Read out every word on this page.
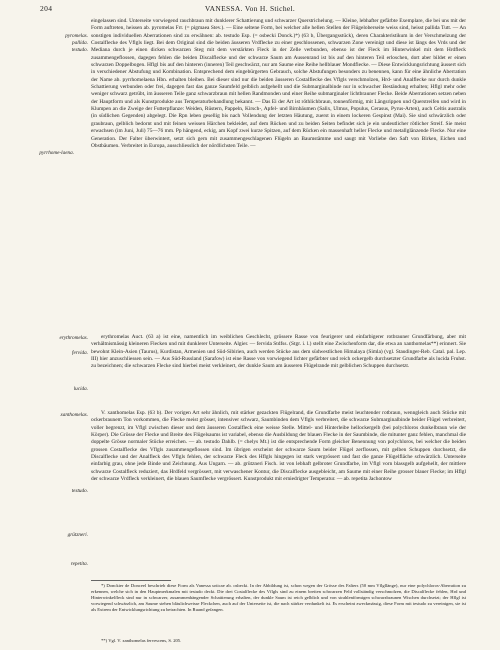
204	VANESSA. Von H. Stichel.
pyromelas.
pallida.
testudo.
pyrrhome-laena.
erythromelas.
fervida.
lucida.
xanthomelas.
testudo.
grützneri.
repetita.

eingelassen sind. Unterseite vorwiegend rauchbraun mit dunklerer Schattierung und schwarzer Querstrichelung. — Kleine, lebhafter gefärbte Exemplare, die bei uns mit der Form auftreten, heissen ab. pyromelas Frr. (= pigmaea Stev.). — Eine seltene Form, bei welcher alle hellen Stellen der Flügeloberseite weiss sind, heisst pallida Tutt. — An sonstigen individuellen Aberrationen sind zu erwähnen: ab. testudo Esp. (= osbecki Donck.)*) (63 b, Übergangsstück), deren Charakteristikum in der Verschmelzung der Costalflecke des Vflgls liegt. Bei dem Original sind die beiden äusseren Vrdflecke zu einer geschlossenen, schwarzen Zone vereinigt und diese ist längs des Vrds und der Mediana durch je einen dicken schwarzen Steg mit dem verstärkten Fleck in der Zelle verbunden, ebenso ist der Fleck im Hinterwinkel mit dem Hrdfleck zusammengeflossen, dagegen fehlen die beiden Discalflecke und der schwarze Saum am Aussenrand ist bis auf den hinteren Teil erloschen, dort aber bildet er einen schwarzen Doppelbogen. Hflgl bis auf den hinteren (inneren) Teil geschwärzt, nur am Saume eine Reihe hellblauer Mondflecke. — Diese Entwicklungsrichtung äussert sich in verschiedener Abstufung und Kombination. Entsprechend dem eingebürgerten Gebrauch, solche Abstufungen besonders zu benennen, kann für eine ähnliche Aberration der Name ab. pyrrhomelaena Hbn. erhalten bleiben. Bei dieser sind nur die beiden äusseren Costalflecke des Vflgls verschmolzen, Hrd- und Analflecke nur durch dunkle Schattierung verbunden oder frei, dagegen fast das ganze Saumfeld gelblich aufgehellt und die Submarginalbinde nur in schwacher Beständung erhalten; Hflgl mehr oder weniger schwarz getrübt, im äusseren Teile ganz schwarzbraun mit hellen Randmonden und einer Reihe submarginaler lichtbrauner Flecke. Beide Aberrationen setzen neben der Hauptform und als Kunstprodukte aus Temperaturbehandlung bekannt. — Das Ei der Art ist röthlichbraun, tonnenförmig, mit Längsrippen und Querstreifen und wird in Klumpen an die Zweige der Futterpflanze: Weiden, Rüstern, Pappeln, Kirsch-, Apfel- und Birnbäumen (Salix, Ulmus, Populus, Cerasus, Pyrus-Arten), auch Celtis australis (in südlichen Gegenden) abgelegt. Die Rpn leben gesellig bis nach Vollendung der letzten Häutung, zuerst in einem lockeren Gespinst (Mai). Sie sind schwärzlich oder graubraun, gelblich bedornt und mit feinen weissen Härchen bekleidet, auf dem Rücken und zu beiden Seiten befindet sich je ein undeutlicher rötlicher Streif. Sie meist erwachsen (im Juni, Juli) 75—76 mm. Pp hängend, eckig, am Kopf zwei kurze Spitzen, auf dem Rücken ein massenhaft heller Flecke und metallglänzende Flecke. Nur eine Generation. Der Falter überwintert, setzt sich gern mit zusammengeschlagenen Flügeln an Baumstämme und saugt mit Vorliebe den Saft von Birken, Eichen und Obstbäumen. Verbreitet in Europa, ausschliesslich der nördlichsten Teile. —

erythromelas Auct. (63 a) ist eine, namentlich im weiblichen Geschlecht, grössere Rasse von feurigerer und einfarbigerer rotbrauner Grundfärbung, aber mit verhältnismässig kleineren Flecken und mit dunklerer Unterseite. Algier. — fervida Stdfss. (Stgr. i. l.) stellt eine Zwischenform dar, die etwa an xanthomelas**) erinnert. Sie bewohnt Klein-Asien (Taurus), Kurdistan, Armenien und Süd-Sibirien, auch werden Stücke aus dem südwestlichen Himalaya (Simla) (vgl. Staudinger-Reb. Catal. pal. Lep. III) hier anzuschliessen sein. — Aus Süd-Russland (Sarafow) ist eine Rasse von vorwiegend lichter gefärbter und reich ockergelb durchsetzter Grundfarbe als lucida Fruhst. zu bezeichnen; die schwarzen Flecke sind hierbei meist verkleinert, der dunkle Saum am äusseren Flügelrande mit gelblichen Schuppen durchsetzt.

V. xanthomelas Esp. (63 b). Der vorigen Art sehr ähnlich, mit stärker gezackten Flügelrand, die Grundfarbe meist leuchtender rotbraun, wenngleich auch Stücke mit ockerbraunem Ton vorkommen, die Flecke meist grösser, intensiver schwarz, Saumbinden dem Vflgls verbreitert, die schwarze Submarginalbinde beider Flügel verbreitert, voller begrenzt, im Vflgl zwischen dieser und dem äusseren Costalfleck eine weisse Stelle. Mittel- und Hinterleibe hellockergelb (bei polychloros dunkelbraun wie der Körper). Die Grösse der Flecke und Breite des Flügelsaums ist variabel, ebenso die Ausbildung der blauen Flecke in der Saumbinde, die mitunter ganz fehlen, manchmal die doppelte Grösse normaler Stücke erreichen. — ab. testudo Dahlb. (= chelys Mt.) ist die entsprechende Form gleicher Benennung von polychloros, bei welcher die beiden grossen Costalflecke des Vflgls zusammengeflossen sind. Im übrigen erscheint der schwarze Saum beider Flügel zerflossen, mit gelben Schuppen durchsetzt, die Discalflecke und der Analfleck des Vflgls fehlen, der schwarze Fleck des Hflgls hingegen ist stark vergrössert und fast die ganze Flügelfläche schwärzlich. Unterseite einfarbig grau, ohne jede Binde und Zeichnung. Aus Ungarn. — ab. grützneri Fisch. ist von lebhaft gelbroter Grundfarbe, im Vflgl vorn blassgelb aufgehellt, der mittlere schwarze Costalfleck reduziert, das Hrdfeld vergrössert, mit verwaschener Kontur, die Discalflecke ausgebleicht, am Saume mit einer Reihe grosser blauer Flecke; im Hflgl der schwarze Vrdfleck verkleinert, die blauen Saumflecke vergrössert. Kunstprodukt mit erniedrigter Temperatur. — ab. repetita Jachontow

*) Donckier de Donceel beschrieb diese Form als Vanessa urticae ab. osbecki. In der Abbildung ist, schon wegen der Grösse des Falters (50 mm Vflgllänge), nur eine polychloros-Aberration zu erkennen, welche sich in den Hauptmerkmalen mit testudo deckt. Die drei Costalflecke des Vflgls sind zu einem breiten schwarzen Feld vollständig verschmolzen, die Discalflecke fehlen, Hrd und Hinterwinkelfleck sind nur in schwarzer, zusammenhängender Schattierung erhalten, der dunkle Saum ist reich gelblich und von strahlenförmigen schwarzbraunen Wischen durchsetzt; der Hflgl ist vorwiegend schwärzlich, am Saume stehen bläulichweisse Fleckchen, auch auf der Unterseite ist, die nach stärker verdunkelt ist. Es erscheint zweckmässig, diese Form mit testudo zu vereinigen, sie ist als Extrem der Entwicklungsrichtung zu betrachten. In Ruand gefangen.

**) Vgl. V. xanthomelas fervescens, S. 205.
